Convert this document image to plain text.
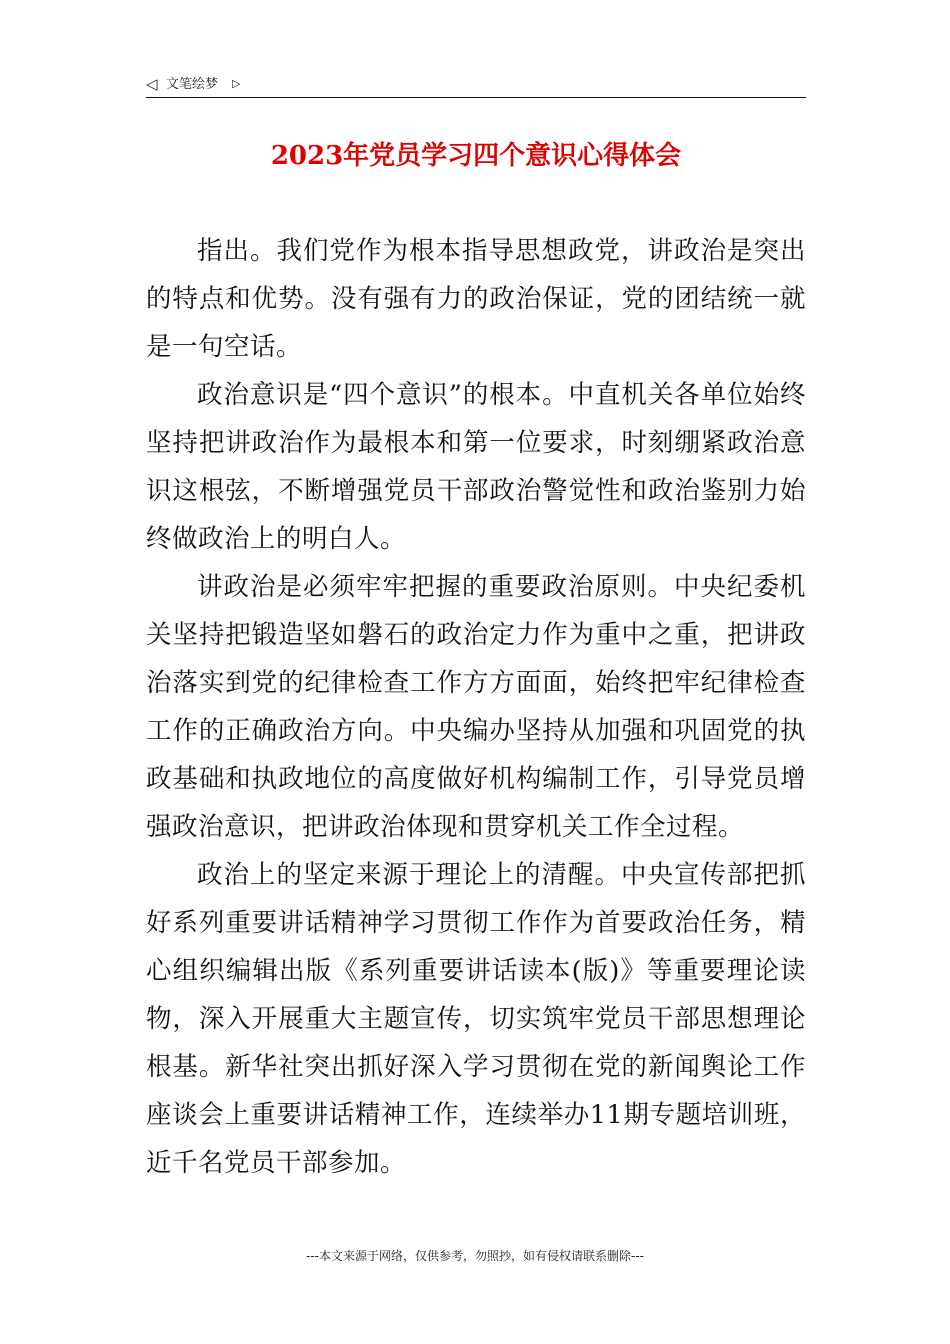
◁ 文笔绘梦 ▷
2023年党员学习四个意识心得体会

指出。我们党作为根本指导思想政党，讲政治是突出的特点和优势。没有强有力的政治保证，党的团结统一就是一句空话。

政治意识是“四个意识”的根本。中直机关各单位始终坚持把讲政治作为最根本和第一位要求，时刻绷紧政治意识这根弦，不断增强党员干部政治警觉性和政治鉴别力始终做政治上的明白人。

讲政治是必须牢牢把握的重要政治原则。中央纪委机关坚持把锻造坚如磐石的政治定力作为重中之重，把讲政治落实到党的纪律检查工作方方面面，始终把牢纪律检查工作的正确政治方向。中央编办坚持从加强和巩固党的执政基础和执政地位的高度做好机构编制工作，引导党员增强政治意识，把讲政治体现和贯穿机关工作全过程。

政治上的坚定来源于理论上的清醒。中央宣传部把抓好系列重要讲话精神学习贯彻工作作为首要政治任务，精心组织编辑出版《系列重要讲话读本(版)》等重要理论读物，深入开展重大主题宣传，切实筑牢党员干部思想理论根基。新华社突出抓好深入学习贯彻在党的新闻舆论工作座谈会上重要讲话精神工作，连续举办11期专题培训班，近千名党员干部参加。

---本文来源于网络，仅供参考，勿照抄，如有侵权请联系删除---
